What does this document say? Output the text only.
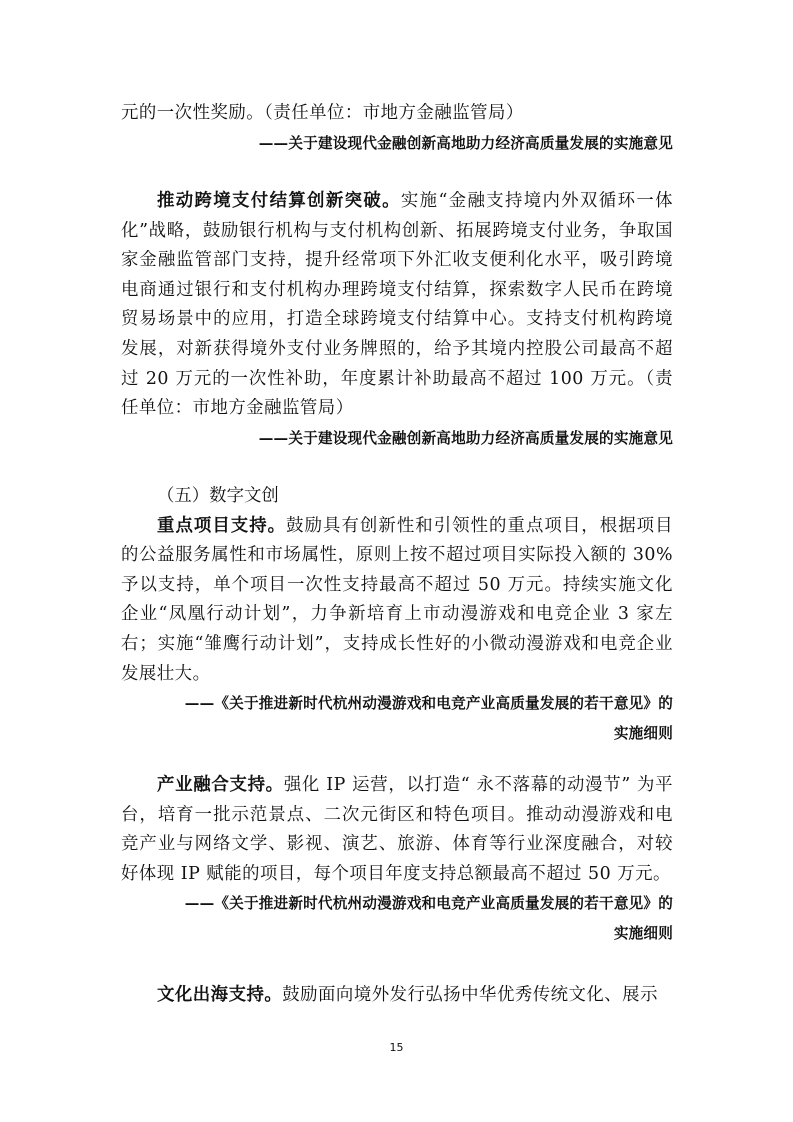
元的一次性奖励。（责任单位：市地方金融监管局）

——关于建设现代金融创新高地助力经济高质量发展的实施意见

推动跨境支付结算创新突破。实施“金融支持境内外双循环一体化”战略，鼓励银行机构与支付机构创新、拓展跨境支付业务，争取国家金融监管部门支持，提升经常项下外汇收支便利化水平，吸引跨境电商通过银行和支付机构办理跨境支付结算，探索数字人民币在跨境贸易场景中的应用，打造全球跨境支付结算中心。支持支付机构跨境发展，对新获得境外支付业务牌照的，给予其境内控股公司最高不超过 20 万元的一次性补助，年度累计补助最高不超过 100 万元。（责任单位：市地方金融监管局）

——关于建设现代金融创新高地助力经济高质量发展的实施意见

（五）数字文创

重点项目支持。鼓励具有创新性和引领性的重点项目，根据项目的公益服务属性和市场属性，原则上按不超过项目实际投入额的 30% 予以支持，单个项目一次性支持最高不超过 50 万元。持续实施文化企业“凤凰行动计划”，力争新培育上市动漫游戏和电竞企业 3 家左右；实施“雏鹰行动计划”，支持成长性好的小微动漫游戏和电竞企业发展壮大。

——《关于推进新时代杭州动漫游戏和电竞产业高质量发展的若干意见》的

实施细则

产业融合支持。强化 IP 运营，以打造“ 永不落幕的动漫节” 为平台，培育一批示范景点、二次元街区和特色项目。推动动漫游戏和电竞产业与网络文学、影视、演艺、旅游、体育等行业深度融合，对较好体现 IP 赋能的项目，每个项目年度支持总额最高不超过 50 万元。

——《关于推进新时代杭州动漫游戏和电竞产业高质量发展的若干意见》的

实施细则

文化出海支持。鼓励面向境外发行弘扬中华优秀传统文化、展示

15
